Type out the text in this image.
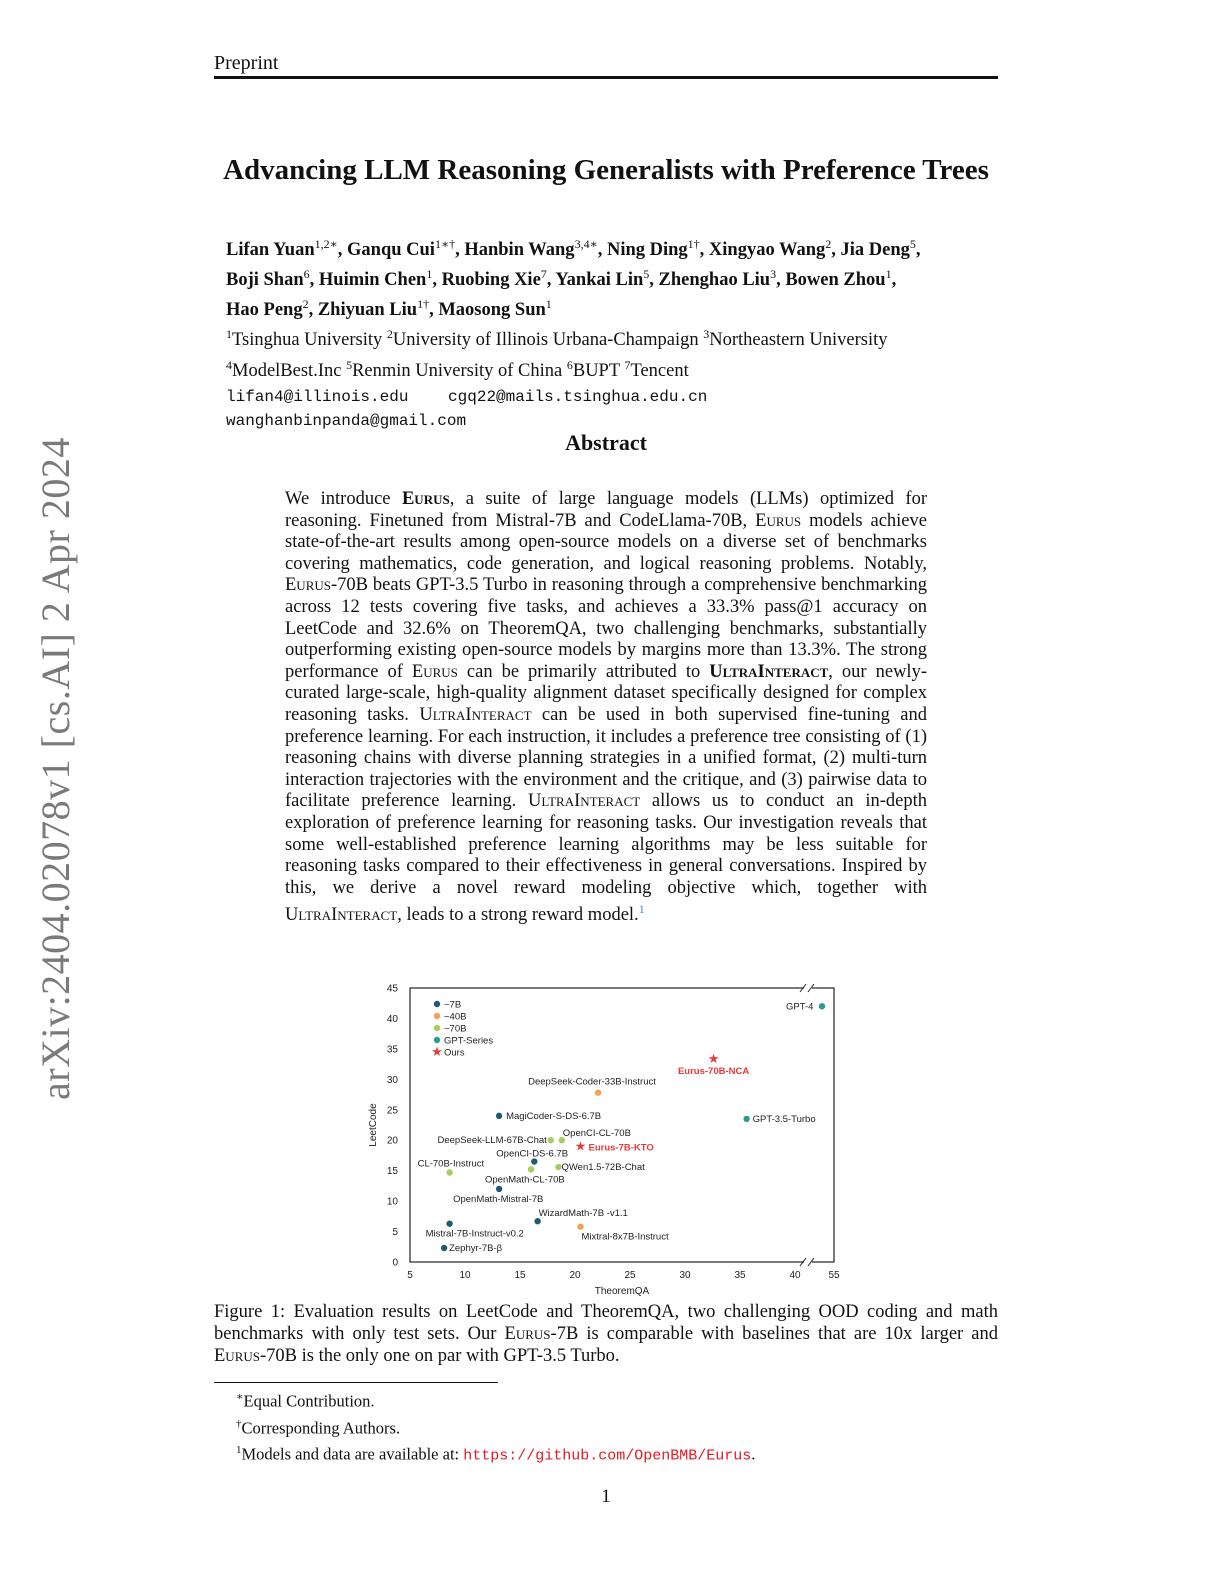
arXiv:2404.02078v1 [cs.AI] 2 Apr 2024
Preprint
Advancing LLM Reasoning Generalists with Preference Trees
Lifan Yuan$^{1,2∗}$, Ganqu Cui$^{1∗\dagger}$, Hanbin Wang$^{3,4∗}$, Ning Ding$^{1\dagger}$, Xingyao Wang$^2$, Jia Deng$^5$,
Boji Shan$^6$, Huimin Chen$^1$, Ruobing Xie$^7$, Yankai Lin$^5$, Zhenghao Liu$^3$, Bowen Zhou$^1$,
Hao Peng$^2$, Zhiyuan Liu$^{1\dagger}$, Maosong Sun$^1$
$^1$Tsinghua University $^2$University of Illinois Urbana-Champaign $^3$Northeastern University
$^4$ModelBest.Inc $^5$Renmin University of China $^6$BUPT $^7$Tencent
lifan4@illinois.edu cgq22@mails.tsinghua.edu.cn wanghanbinpanda@gmail.com
Abstract
We introduce Eurus, a suite of large language models (LLMs) optimized for reasoning. Finetuned from Mistral-7B and CodeLlama-70B, Eurus models achieve state-of-the-art results among open-source models on a diverse set of benchmarks covering mathematics, code generation, and logical reasoning problems. Notably, Eurus-70B beats GPT-3.5 Turbo in reasoning through a comprehensive benchmarking across 12 tests covering five tasks, and achieves a 33.3% pass@1 accuracy on LeetCode and 32.6% on TheoremQA, two challenging benchmarks, substantially outperforming existing open-source models by margins more than 13.3%. The strong performance of Eurus can be primarily attributed to UltraInteract, our newly-curated large-scale, high-quality alignment dataset specifically designed for complex reasoning tasks. UltraInteract can be used in both supervised fine-tuning and preference learning. For each instruction, it includes a preference tree consisting of (1) reasoning chains with diverse planning strategies in a unified format, (2) multi-turn interaction trajectories with the environment and the critique, and (3) pairwise data to facilitate preference learning. UltraInteract allows us to conduct an in-depth exploration of preference learning for reasoning tasks. Our investigation reveals that some well-established preference learning algorithms may be less suitable for reasoning tasks compared to their effectiveness in general conversations. Inspired by this, we derive a novel reward modeling objective which, together with UltraInteract, leads to a strong reward model.$^1$
0
5
10
15
20
25
30
35
40
45
5	10	15	20	25	30	35	40	55
TheoremQA
LeetCode
~7B
~40B
~70B
GPT-Series
★ Ours
GPT-4
★
Eurus-70B-NCA
DeepSeek-Coder-33B-Instruct
MagiCoder-S-DS-6.7B	GPT-3.5-Turbo
DeepSeek-LLM-67B-Chat
OpenCI-CL-70B
★ Eurus-7B-KTO
OpenCI-DS-6.7B
CL-70B-Instruct	QWen1.5-72B-Chat
OpenMath-CL-70B
OpenMath-Mistral-7B
WizardMath-7B -v1.1
Mistral-7B-Instruct-v0.2	Mixtral-8x7B-Instruct
Zephyr-7B-β
Figure 1: Evaluation results on LeetCode and TheoremQA, two challenging OOD coding and math benchmarks with only test sets. Our Eurus-7B is comparable with baselines that are 10x larger and Eurus-70B is the only one on par with GPT-3.5 Turbo.
∗Equal Contribution.
†Corresponding Authors.
$^1$Models and data are available at: https://github.com/OpenBMB/Eurus.
1
